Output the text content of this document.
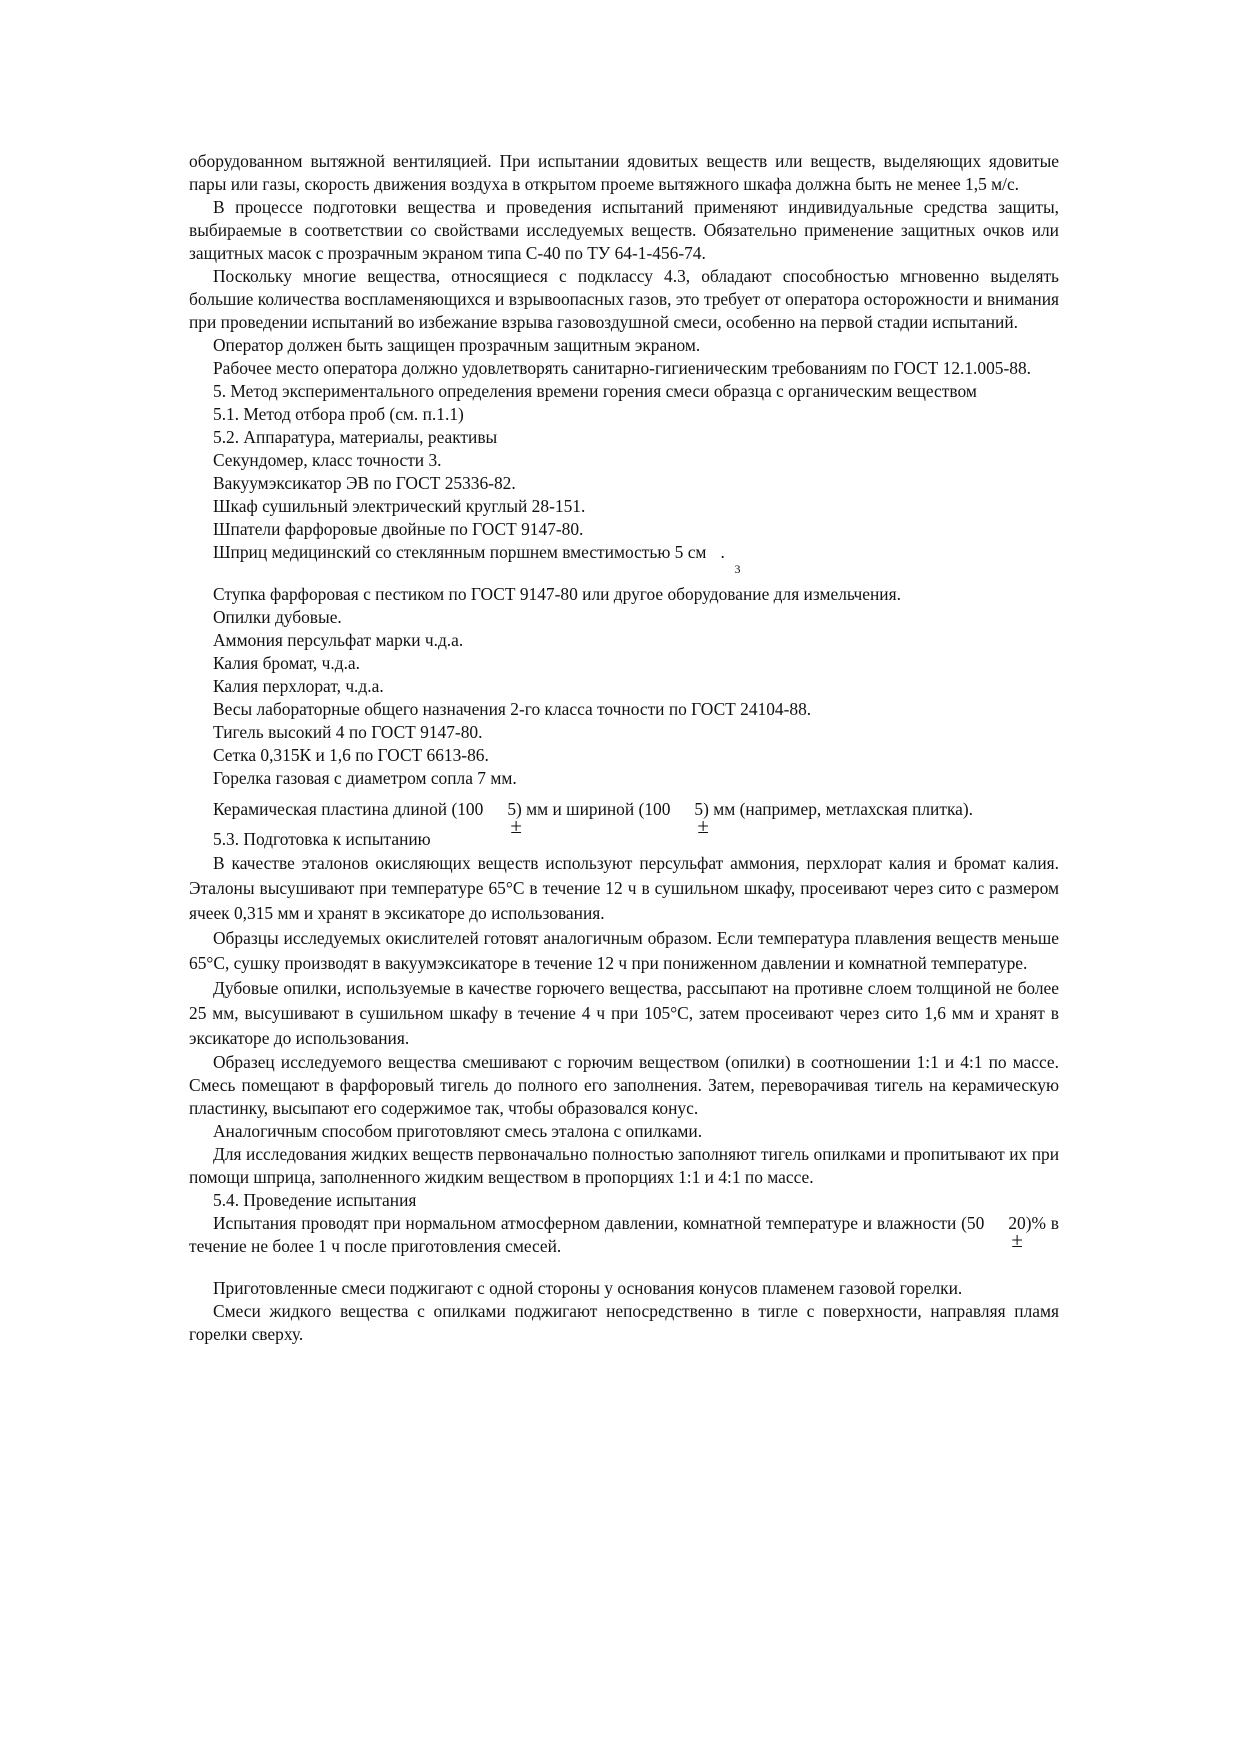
оборудованном вытяжной вентиляцией. При испытании ядовитых веществ или веществ, выделяющих ядовитые пары или газы, скорость движения воздуха в открытом проеме вытяжного шкафа должна быть не менее 1,5 м/с.

В процессе подготовки вещества и проведения испытаний применяют индивидуальные средства защиты, выбираемые в соответствии со свойствами исследуемых веществ. Обязательно применение защитных очков или защитных масок с прозрачным экраном типа С-40 по ТУ 64-1-456-74.

Поскольку многие вещества, относящиеся с подклассу 4.3, обладают способностью мгновенно выделять большие количества воспламеняющихся и взрывоопасных газов, это требует от оператора осторожности и внимания при проведении испытаний во избежание взрыва газовоздушной смеси, особенно на первой стадии испытаний.

Оператор должен быть защищен прозрачным защитным экраном.

Рабочее место оператора должно удовлетворять санитарно-гигиеническим требованиям по ГОСТ 12.1.005-88.

5. Метод экспериментального определения времени горения смеси образца с органическим веществом

5.1. Метод отбора проб (см. п.1.1)

5.2. Аппаратура, материалы, реактивы

Секундомер, класс точности 3.

Вакуумэксикатор ЭВ по ГОСТ 25336-82.

Шкаф сушильный электрический круглый 28-151.

Шпатели фарфоровые двойные по ГОСТ 9147-80.

Шприц медицинский со стеклянным поршнем вместимостью 5 см
3
.

Ступка фарфоровая с пестиком по ГОСТ 9147-80 или другое оборудование для измельчения.

Опилки дубовые.

Аммония персульфат марки ч.д.а.

Калия бромат, ч.д.а.

Калия перхлорат, ч.д.а.

Весы лабораторные общего назначения 2-го класса точности по ГОСТ 24104-88.

Тигель высокий 4 по ГОСТ 9147-80.

Сетка 0,315К и 1,6 по ГОСТ 6613-86.

Горелка газовая с диаметром сопла 7 мм.

Керамическая пластина длиной (100
±
5) мм и шириной (100
±
5) мм (например, метлахская плитка).

5.3. Подготовка к испытанию

В качестве эталонов окисляющих веществ используют персульфат аммония, перхлорат калия и бромат калия. Эталоны высушивают при температуре 65°С в течение 12 ч в сушильном шкафу, просеивают через сито с размером ячеек 0,315 мм и хранят в эксикаторе до использования.

Образцы исследуемых окислителей готовят аналогичным образом. Если температура плавления веществ меньше 65°С, сушку производят в вакуумэксикаторе в течение 12 ч при пониженном давлении и комнатной температуре.

Дубовые опилки, используемые в качестве горючего вещества, рассыпают на противне слоем толщиной не более 25 мм, высушивают в сушильном шкафу в течение 4 ч при 105°С, затем просеивают через сито 1,6 мм и хранят в эксикаторе до использования.

Образец исследуемого вещества смешивают с горючим веществом (опилки) в соотношении 1:1 и 4:1 по массе. Смесь помещают в фарфоровый тигель до полного его заполнения. Затем, переворачивая тигель на керамическую пластинку, высыпают его содержимое так, чтобы образовался конус.

Аналогичным способом приготовляют смесь эталона с опилками.

Для исследования жидких веществ первоначально полностью заполняют тигель опилками и пропитывают их при помощи шприца, заполненного жидким веществом в пропорциях 1:1 и 4:1 по массе.

5.4. Проведение испытания

Испытания проводят при нормальном атмосферном давлении, комнатной температуре и влажности (50
±
20)% в течение не более 1 ч после приготовления смесей.

Приготовленные смеси поджигают с одной стороны у основания конусов пламенем газовой горелки.

Смеси жидкого вещества с опилками поджигают непосредственно в тигле с поверхности, направляя пламя горелки сверху.
